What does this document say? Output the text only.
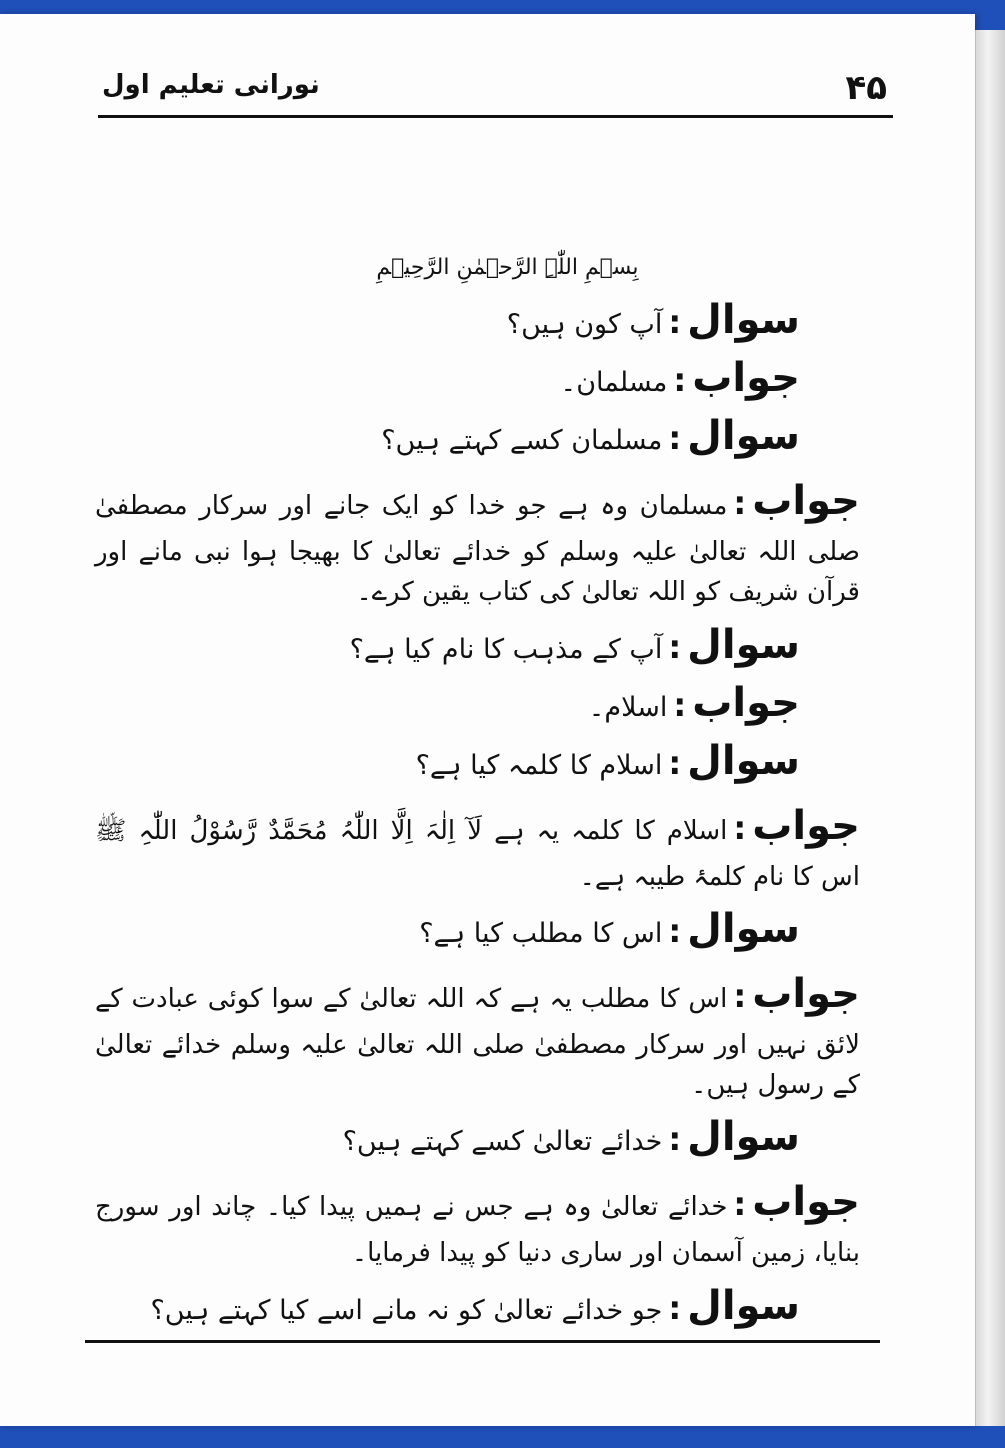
۴۵
نورانی تعلیم اول
بِسۡمِ اللّٰہِ الرَّحۡمٰنِ الرَّحِیۡمِ

سوال:آپ کون ہیں؟

جواب:مسلمان۔

سوال:مسلمان کسے کہتے ہیں؟

جواب:مسلمان وہ ہے جو خدا کو ایک جانے اور سرکار مصطفیٰ صلی اللہ تعالیٰ علیہ وسلم کو خدائے تعالیٰ کا بھیجا ہوا نبی مانے اور قرآن شریف کو اللہ تعالیٰ کی کتاب یقین کرے۔

سوال:آپ کے مذہب کا نام کیا ہے؟

جواب:اسلام۔

سوال:اسلام کا کلمہ کیا ہے؟

جواب:اسلام کا کلمہ یہ ہے لَآ اِلٰہَ اِلَّا اللّٰہُ مُحَمَّدٌ رَّسُوْلُ اللّٰہِ ﷺ اس کا نام کلمۂ طیبہ ہے۔

سوال:اس کا مطلب کیا ہے؟

جواب:اس کا مطلب یہ ہے کہ اللہ تعالیٰ کے سوا کوئی عبادت کے لائق نہیں اور سرکار مصطفیٰ صلی اللہ تعالیٰ علیہ وسلم خدائے تعالیٰ کے رسول ہیں۔

سوال:خدائے تعالیٰ کسے کہتے ہیں؟

جواب:خدائے تعالیٰ وہ ہے جس نے ہمیں پیدا کیا۔ چاند اور سورج بنایا، زمین آسمان اور ساری دنیا کو پیدا فرمایا۔

سوال:جو خدائے تعالیٰ کو نہ مانے اسے کیا کہتے ہیں؟
